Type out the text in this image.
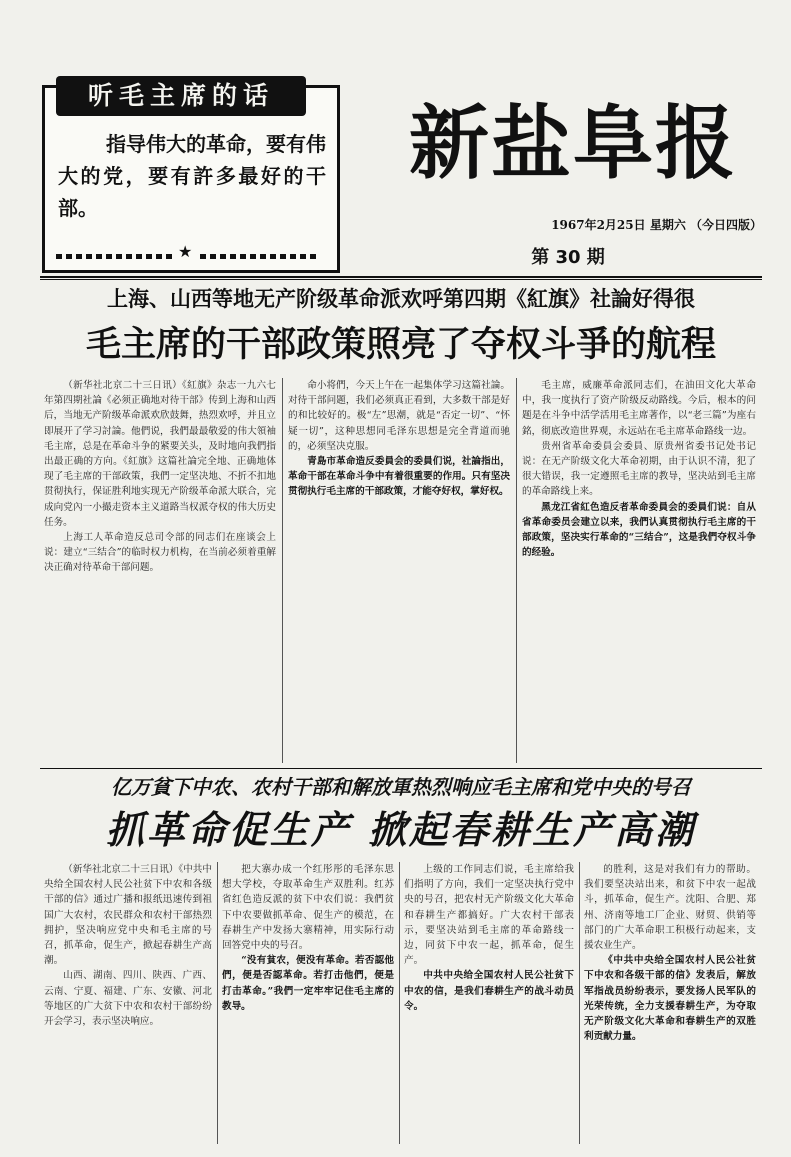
听毛主席的话
指导伟大的革命，要有伟大的党，要有許多最好的干部。
★
新盐阜报
1967年2月25日 星期六 （今日四版）
第 30 期
上海、山西等地无产阶级革命派欢呼第四期《紅旗》社論好得很
毛主席的干部政策照亮了夺权斗爭的航程

（新华社北京二十三日讯）《紅旗》杂志一九六七年第四期社論《必须正确地对待干部》传到上海和山西后，当地无产阶级革命派欢欣鼓舞，热烈欢呼，并且立即展开了学习討論。他們说，我們最最敬爱的伟大領袖毛主席，总是在革命斗争的紧要关头，及时地向我們指出最正确的方向。《紅旗》这篇社論完全地、正确地体现了毛主席的干部政策，我們一定坚决地、不折不扣地贯彻执行，保证胜利地实现无产阶级革命派大联合，完成向党內一小撮走资本主义道路当权派夺权的伟大历史任务。

上海工人革命造反总司令部的同志们在座谈会上说：建立“三结合”的临时权力机构，在当前必须着重解决正确对待革命干部问题。

命小将們，今天上午在一起集体学习这篇社論。对待干部问题，我们必须真正看到，大多数干部是好的和比较好的。极“左”思潮，就是“否定一切”、“怀疑一切”，这种思想同毛泽东思想是完全背道而驰的，必须坚决克服。

青島市革命造反委員会的委員们说，社論指出，革命干部在革命斗争中有着很重要的作用。只有坚决贯彻执行毛主席的干部政策，才能夺好权，掌好权。

毛主席，威廉革命派同志们，在油田文化大革命中，我一度执行了资产阶级反动路线。今后，根本的问题是在斗争中活学活用毛主席著作，以“老三篇”为座右銘，彻底改造世界观，永远站在毛主席革命路线一边。

贵州省革命委員会委員、原贵州省委书记处书记说：在无产阶级文化大革命初期，由于认识不清，犯了很大错误，我一定遵照毛主席的教导，坚决站到毛主席的革命路线上来。

黑龙江省紅色造反者革命委員会的委員们说：自从省革命委员会建立以来，我們认真贯彻执行毛主席的干部政策，坚决实行革命的“三结合”，这是我們夺权斗争的经验。

亿万貧下中农、农村干部和解放軍热烈响应毛主席和党中央的号召
抓革命促生产 掀起春耕生产高潮

（新华社北京二十三日讯）《中共中央给全国农村人民公社贫下中农和各级干部的信》通过广播和报纸迅速传到祖国广大农村，农民群众和农村干部热烈拥护，坚决响应党中央和毛主席的号召，抓革命，促生产，掀起春耕生产高潮。

山西、湖南、四川、陕西、广西、云南、宁夏、福建、广东、安徽、河北等地区的广大贫下中农和农村干部纷纷开会学习，表示坚决响应。

把大寨办成一个红彤彤的毛泽东思想大学校，夺取革命生产双胜利。红苏省红色造反派的贫下中农们说：我們贫下中农要做抓革命、促生产的模范，在春耕生产中发扬大寨精神，用实际行动回答党中央的号召。

“没有貧农，便没有革命。若否認他們，便是否認革命。若打击他們，便是打击革命。”我們一定牢牢记住毛主席的教导。

上级的工作同志们说，毛主席给我们指明了方向，我们一定坚决执行党中央的号召，把农村无产阶级文化大革命和春耕生产都搞好。广大农村干部表示，要坚决站到毛主席的革命路线一边，同贫下中农一起，抓革命，促生产。

中共中央给全国农村人民公社贫下中农的信，是我们春耕生产的战斗动员令。

的胜利，这是对我们有力的帮助。我们要坚决站出来，和贫下中农一起战斗，抓革命，促生产。沈阳、合肥、郑州、济南等地工厂企业、财贸、供销等部门的广大革命职工积极行动起来，支援农业生产。

《中共中央给全国农村人民公社贫下中农和各级干部的信》发表后，解放军指战员纷纷表示，要发扬人民军队的光荣传统，全力支援春耕生产，为夺取无产阶级文化大革命和春耕生产的双胜利贡献力量。
